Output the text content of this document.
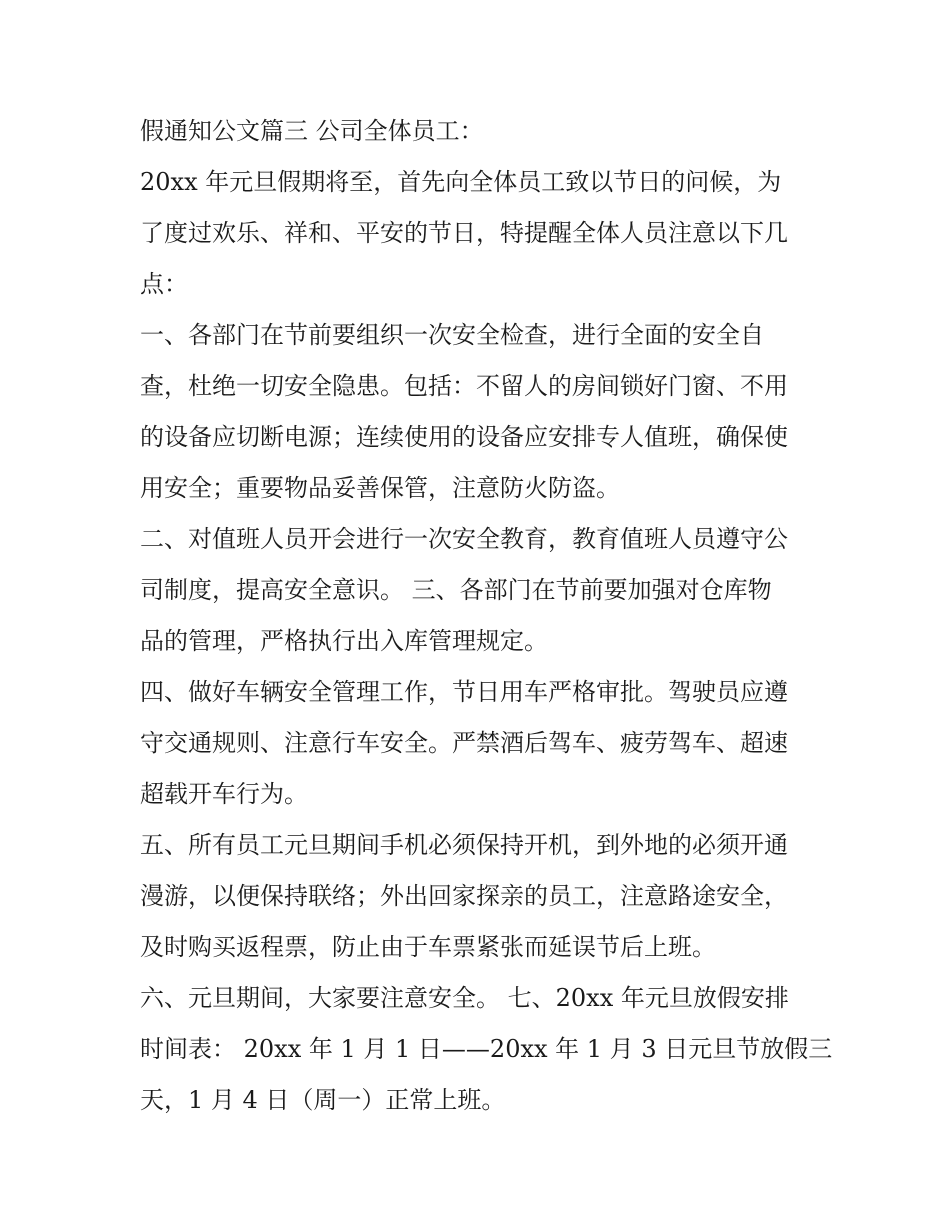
假通知公文篇三 公司全体员工：
20xx 年元旦假期将至，首先向全体员工致以节日的问候，为
了度过欢乐、祥和、平安的节日，特提醒全体人员注意以下几
点：
一、各部门在节前要组织一次安全检查，进行全面的安全自
查，杜绝一切安全隐患。包括：不留人的房间锁好门窗、不用
的设备应切断电源；连续使用的设备应安排专人值班，确保使
用安全；重要物品妥善保管，注意防火防盗。
二、对值班人员开会进行一次安全教育，教育值班人员遵守公
司制度，提高安全意识。 三、各部门在节前要加强对仓库物
品的管理，严格执行出入库管理规定。
四、做好车辆安全管理工作，节日用车严格审批。驾驶员应遵
守交通规则、注意行车安全。严禁酒后驾车、疲劳驾车、超速
超载开车行为。
五、所有员工元旦期间手机必须保持开机，到外地的必须开通
漫游，以便保持联络；外出回家探亲的员工，注意路途安全，
及时购买返程票，防止由于车票紧张而延误节后上班。
六、元旦期间，大家要注意安全。 七、20xx 年元旦放假安排
时间表： 20xx 年 1 月 1 日——20xx 年 1 月 3 日元旦节放假三
天，1 月 4 日（周一）正常上班。
